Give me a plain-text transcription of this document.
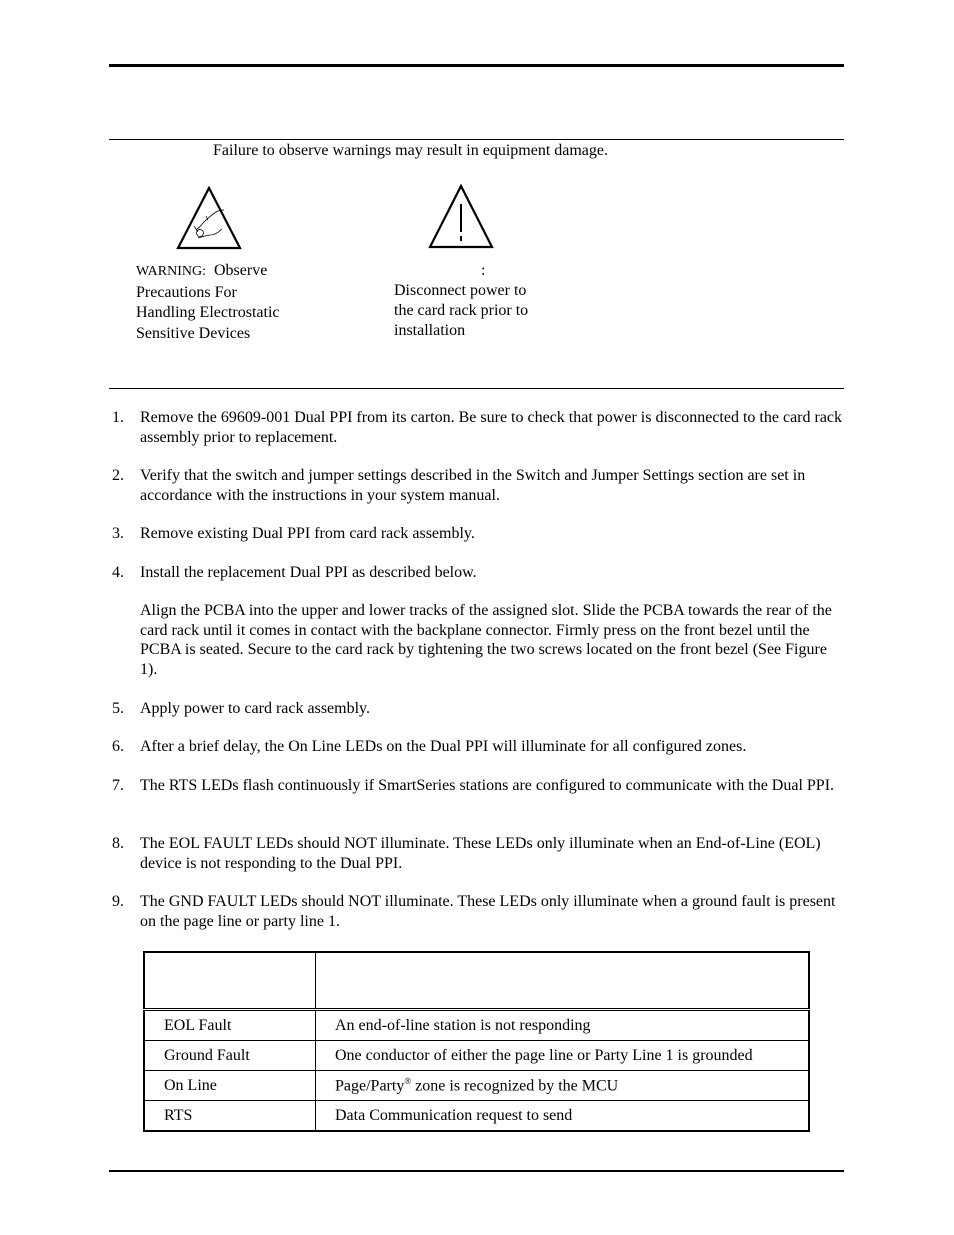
Failure to observe warnings may result in equipment damage.
WARNING: Observe
Precautions For
Handling Electrostatic
Sensitive Devices
:
Disconnect power to
the card rack prior to
installation
1. Remove the 69609-001 Dual PPI from its carton. Be sure to check that power is disconnected to the card rack assembly prior to replacement.
2. Verify that the switch and jumper settings described in the Switch and Jumper Settings section are set in accordance with the instructions in your system manual.
3. Remove existing Dual PPI from card rack assembly.
4. Install the replacement Dual PPI as described below.
5. Apply power to card rack assembly.
6. After a brief delay, the On Line LEDs on the Dual PPI will illuminate for all configured zones.
7. The RTS LEDs flash continuously if SmartSeries stations are configured to communicate with the Dual PPI.
8. The EOL FAULT LEDs should NOT illuminate. These LEDs only illuminate when an End-of-Line (EOL) device is not responding to the Dual PPI.
9. The GND FAULT LEDs should NOT illuminate. These LEDs only illuminate when a ground fault is present on the page line or party line 1.
Align the PCBA into the upper and lower tracks of the assigned slot. Slide the PCBA towards the rear of the card rack until it comes in contact with the backplane connector. Firmly press on the front bezel until the PCBA is seated. Secure to the card rack by tightening the two screws located on the front bezel (See Figure 1).

EOL Fault	An end-of-line station is not responding
Ground Fault	One conductor of either the page line or Party Line 1 is grounded
On Line	Page/Party® zone is recognized by the MCU
RTS	Data Communication request to send
